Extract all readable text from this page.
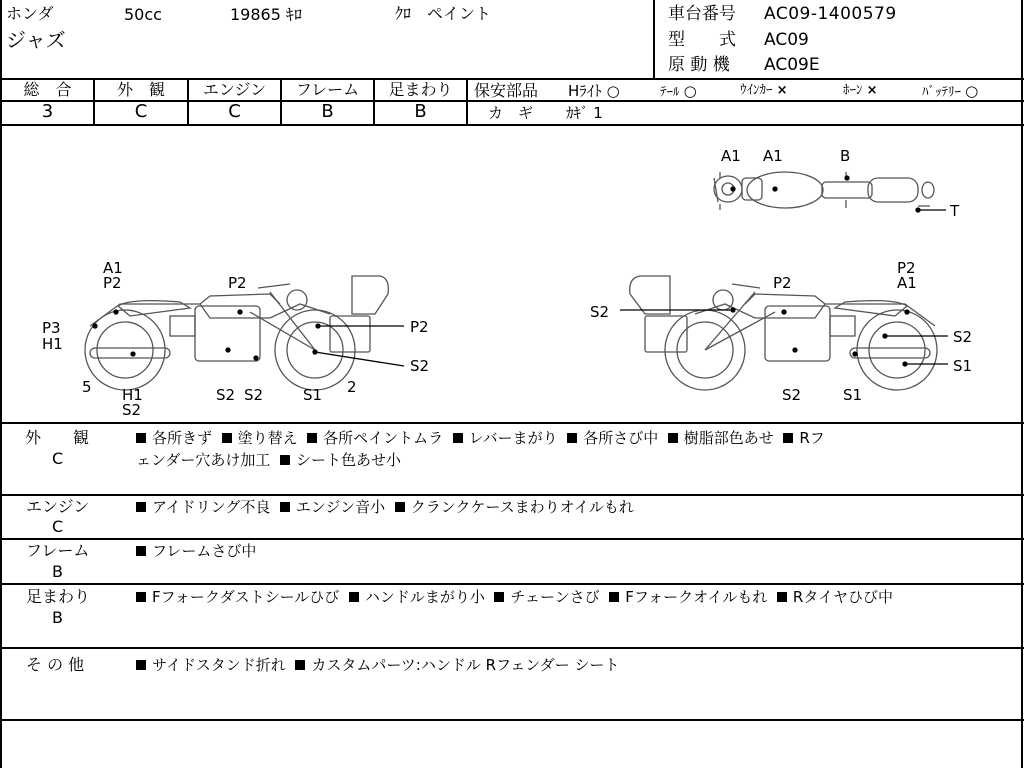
ホンダ	50cc	19865 ｷﾛ	ｸﾛ　ペイント
ジャズ
車台番号 AC09-1400579
型　　式 AC09
原 動 機 AC09E
総　合
3
外　観
C
エンジン
C
フレーム
B
足まわり
B
保安部品 Hﾗｲﾄ ○	ﾃｰﾙ ○	ｳｲﾝｶｰ ×	ﾎｰﾝ ×	ﾊﾞｯﾃﾘｰ ○
カ　ギ ｶｷﾞ 1
A1 A1	B
T
A1
P2	P2
P3
H1
P2
S2
5 H1
S2
S2 S2	S1 2
P2
P2
A1
S2
S2
S1
S2	S1
外　　観
C
各所きず 塗り替え 各所ペイントムラ レバーまがり 各所さび中 樹脂部色あせ Rフ
ェンダー穴あけ加工 シート色あせ小
エンジン
C
アイドリング不良 エンジン音小 クランクケースまわりオイルもれ
フレーム
B
フレームさび中
足まわり
B
Fフォークダストシールひび ハンドルまがり小 チェーンさび Fフォークオイルもれ Rタイヤひび中
そ の 他	サイドスタンド折れ カスタムパーツ:ハンドル Rフェンダー シート
